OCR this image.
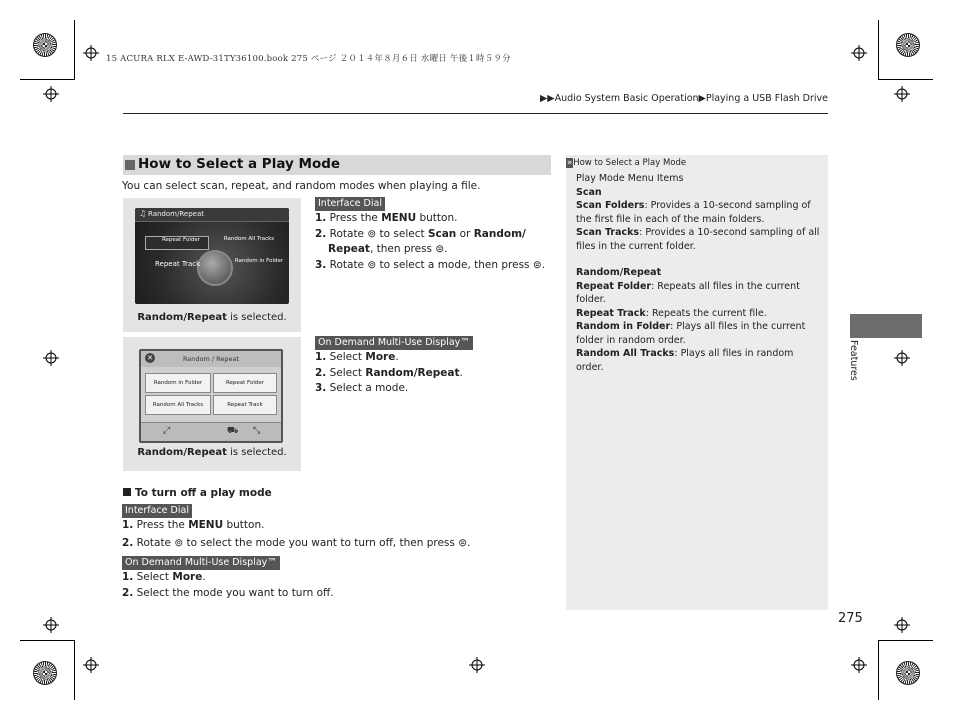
15 ACURA RLX E-AWD-31TY36100.book 275 ページ ２０１４年８月６日 水曜日 午後１時５９分
▶▶Audio System Basic Operation▶Playing a USB Flash Drive
How to Select a Play Mode
You can select scan, repeat, and random modes when playing a file.
♫ Random/Repeat
Repeat Folder	Random All Tracks
Repeat Track	Random in Folder
Random/Repeat is selected.
Interface Dial
1. Press the MENU button.
2. Rotate ⊚ to select Scan or Random/ Repeat, then press ⊜.
3. Rotate ⊚ to select a mode, then press ⊜.
✕	Random / Repeat
Random in Folder	Repeat Folder
Random All Tracks	Repeat Track
⤢	⛟ ⤡
Random/Repeat is selected.
On Demand Multi-Use Display™
1. Select More.
2. Select Random/Repeat.
3. Select a mode.
To turn off a play mode
Interface Dial
1. Press the MENU button.
2. Rotate ⊚ to select the mode you want to turn off, then press ⊜.
On Demand Multi-Use Display™
1. Select More.
2. Select the mode you want to turn off.
»How to Select a Play Mode

Play Mode Menu Items

Scan

Scan Folders: Provides a 10-second sampling of the first file in each of the main folders.

Scan Tracks: Provides a 10-second sampling of all files in the current folder.

Random/Repeat

Repeat Folder: Repeats all files in the current folder.

Repeat Track: Repeats the current file.

Random in Folder: Plays all files in the current folder in random order.

Random All Tracks: Plays all files in random order.	Features
275
